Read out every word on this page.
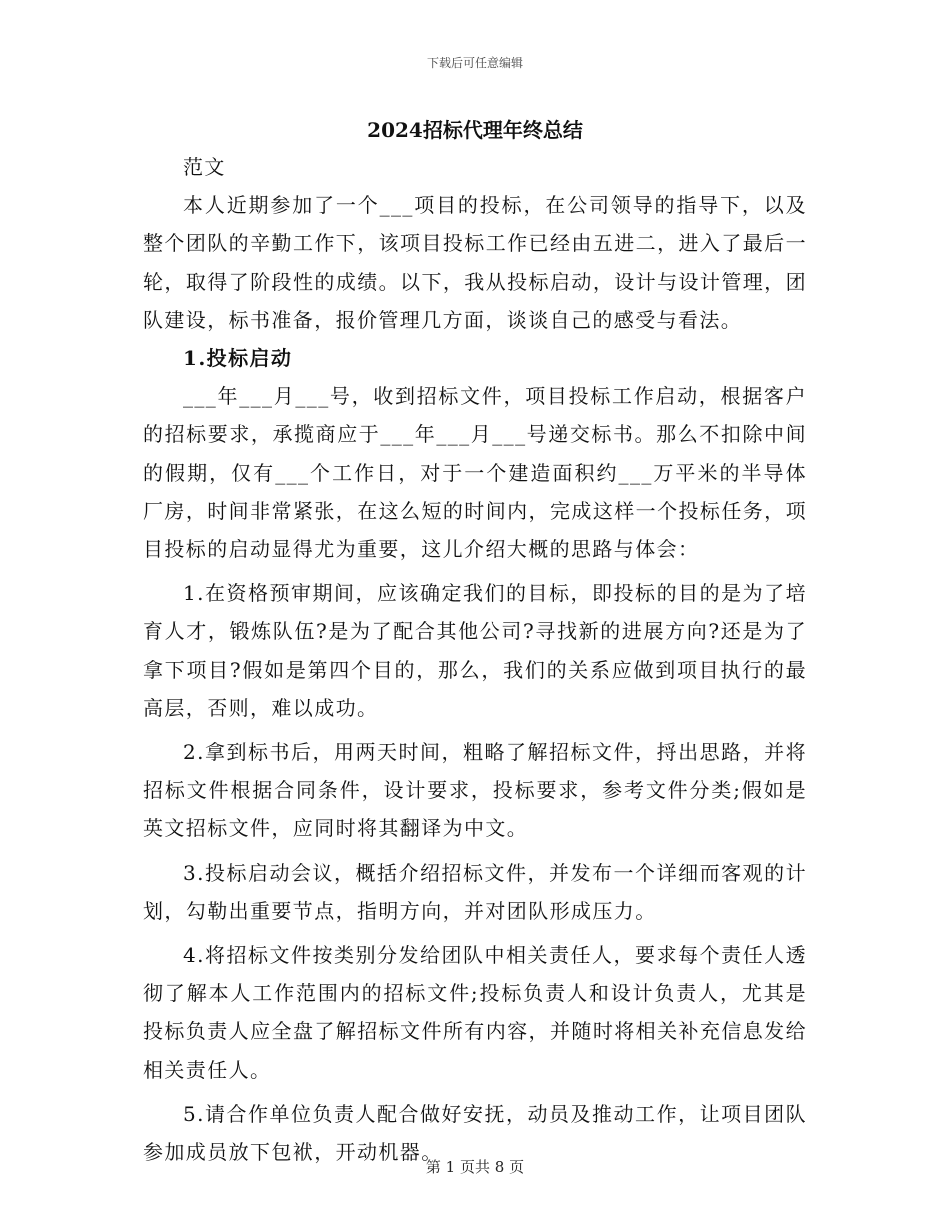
下载后可任意编辑
2024招标代理年终总结

范文

本人近期参加了一个___项目的投标，在公司领导的指导下，以及整个团队的辛勤工作下，该项目投标工作已经由五进二，进入了最后一轮，取得了阶段性的成绩。以下，我从投标启动，设计与设计管理，团队建设，标书准备，报价管理几方面，谈谈自己的感受与看法。

1.投标启动

___年___月___号，收到招标文件，项目投标工作启动，根据客户的招标要求，承揽商应于___年___月___号递交标书。那么不扣除中间的假期，仅有___个工作日，对于一个建造面积约___万平米的半导体厂房，时间非常紧张，在这么短的时间内，完成这样一个投标任务，项目投标的启动显得尤为重要，这儿介绍大概的思路与体会：

1.在资格预审期间，应该确定我们的目标，即投标的目的是为了培育人才，锻炼队伍?是为了配合其他公司?寻找新的进展方向?还是为了拿下项目?假如是第四个目的，那么，我们的关系应做到项目执行的最高层，否则，难以成功。

2.拿到标书后，用两天时间，粗略了解招标文件，捋出思路，并将招标文件根据合同条件，设计要求，投标要求，参考文件分类;假如是英文招标文件，应同时将其翻译为中文。

3.投标启动会议，概括介绍招标文件，并发布一个详细而客观的计划，勾勒出重要节点，指明方向，并对团队形成压力。

4.将招标文件按类别分发给团队中相关责任人，要求每个责任人透彻了解本人工作范围内的招标文件;投标负责人和设计负责人，尤其是投标负责人应全盘了解招标文件所有内容，并随时将相关补充信息发给相关责任人。

5.请合作单位负责人配合做好安抚，动员及推动工作，让项目团队参加成员放下包袱，开动机器。

第 1 页共 8 页
